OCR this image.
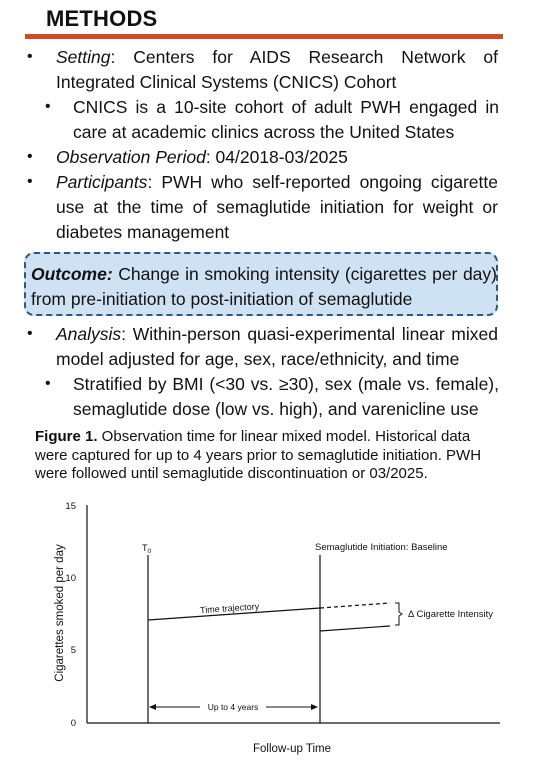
METHODS
• Setting: Centers for AIDS Research Network of Integrated Clinical Systems (CNICS) Cohort
• CNICS is a 10-site cohort of adult PWH engaged in care at academic clinics across the United States
• Observation Period: 04/2018-03/2025
• Participants: PWH who self-reported ongoing cigarette use at the time of semaglutide initiation for weight or diabetes management
Outcome: Change in smoking intensity (cigarettes per day) from pre-initiation to post-initiation of semaglutide
• Analysis: Within-person quasi-experimental linear mixed model adjusted for age, sex, race/ethnicity, and time
• Stratified by BMI (<30 vs. ≥30), sex (male vs. female), semaglutide dose (low vs. high), and varenicline use
Figure 1. Observation time for linear mixed model. Historical data were captured for up to 4 years prior to semaglutide initiation. PWH were followed until semaglutide discontinuation or 03/2025.
15
10
5
0
Cigarettes smoked per day
Follow-up Time
$T_0$	Semaglutide Initiation: Baseline
Time trajectory	Δ Cigarette Intensity
Up to 4 years
